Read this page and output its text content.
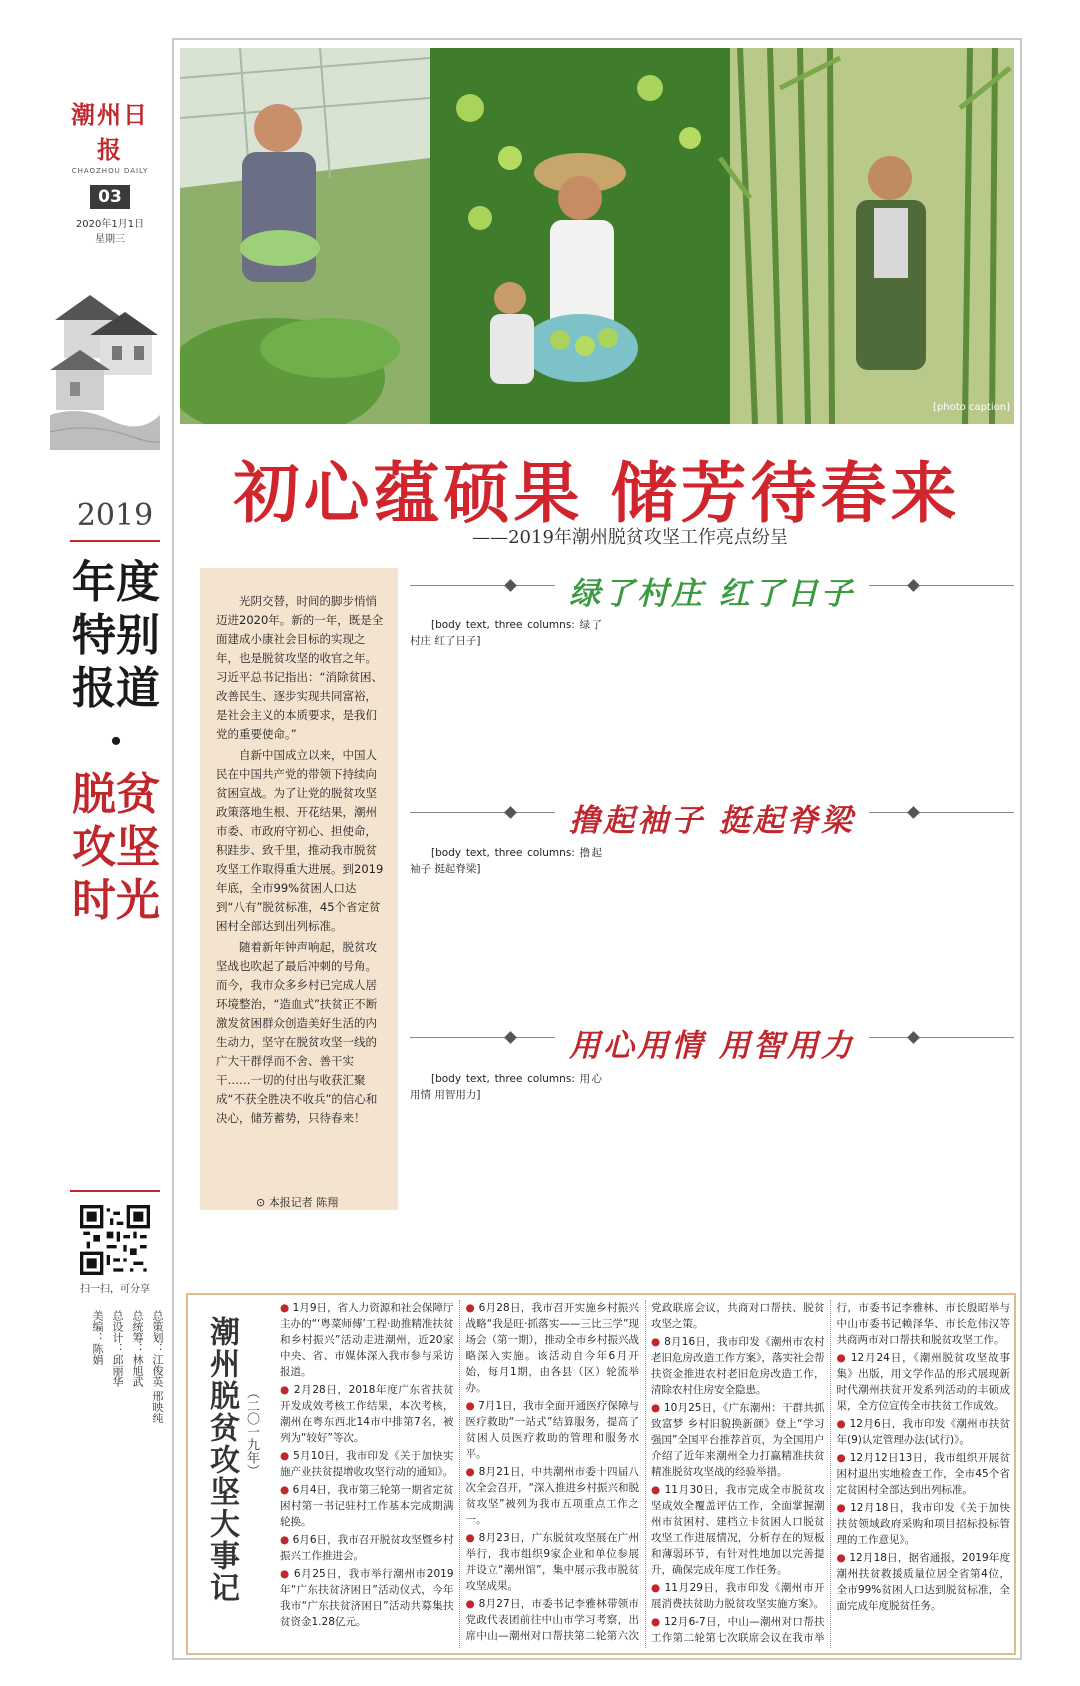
潮州日报
CHAOZHOU DAILY
03
2020年1月1日
星期三
2019
年度特别报道·
脱贫攻坚时光
扫一扫，可分享
总策划：江俊英 邢映纯
总统筹：林旭武
总设计：邱丽华
美编：陈娟
[photo caption]
初心蕴硕果 储芳待春来
——2019年潮州脱贫攻坚工作亮点纷呈

光阴交替，时间的脚步悄悄迈进2020年。新的一年，既是全面建成小康社会目标的实现之年，也是脱贫攻坚的收官之年。习近平总书记指出：“消除贫困、改善民生、逐步实现共同富裕，是社会主义的本质要求，是我们党的重要使命。”

自新中国成立以来，中国人民在中国共产党的带领下持续向贫困宣战。为了让党的脱贫攻坚政策落地生根、开花结果，潮州市委、市政府守初心、担使命，积跬步、致千里，推动我市脱贫攻坚工作取得重大进展。到2019年底，全市99%贫困人口达到“八有”脱贫标准，45个省定贫困村全部达到出列标准。

随着新年钟声响起，脱贫攻坚战也吹起了最后冲刺的号角。而今，我市众多乡村已完成人居环境整治，“造血式”扶贫正不断激发贫困群众创造美好生活的内生动力，坚守在脱贫攻坚一线的广大干群俘而不舍、善干实干……一切的付出与收获汇聚成“不获全胜决不收兵”的信心和决心，储芳蓄势，只待春来！

⊙ 本报记者 陈翔
绿了村庄 红了日子

[body text, three columns: 绿了村庄 红了日子]

撸起袖子 挺起脊梁

[body text, three columns: 撸起袖子 挺起脊梁]

用心用情 用智用力

[body text, three columns: 用心用情 用智用力]

潮州脱贫攻坚大事记 （二〇一九年）

● 1月9日，省人力资源和社会保障厅主办的“‘粤菜师傅’工程·助推精准扶贫和乡村振兴”活动走进潮州，近20家中央、省、市媒体深入我市参与采访报道。

● 2月28日，2018年度广东省扶贫开发成效考核工作结果，本次考核，潮州在粤东西北14市中排第7名，被列为“较好”等次。

● 5月10日，我市印发《关于加快实施产业扶贫提增收攻坚行动的通知》。

● 6月4日，我市第三轮第一期省定贫困村第一书记驻村工作基本完成期满轮换。

● 6月6日，我市召开脱贫攻坚暨乡村振兴工作推进会。

● 6月25日，我市举行潮州市2019年“广东扶贫济困日”活动仪式，今年我市“广东扶贫济困日”活动共募集扶贫资金1.28亿元。

● 6月28日，我市召开实施乡村振兴战略“我是旺·抓落实——三比三学”现场会（第一期），推动全市乡村振兴战略深入实施。该活动自今年6月开始，每月1期，由各县（区）轮流举办。

● 7月1日，我市全面开通医疗保障与医疗救助“一站式”结算服务，提高了贫困人员医疗救助的管理和服务水平。

● 8月21日，中共潮州市委十四届八次全会召开，“深入推进乡村振兴和脱贫攻坚”被列为我市五项重点工作之一。

● 8月23日，广东脱贫攻坚展在广州举行，我市组织9家企业和单位参展并设立“潮州馆”，集中展示我市脱贫攻坚成果。

● 8月27日，市委书记李雅林带领市党政代表团前往中山市学习考察，出席中山—潮州对口帮扶第二轮第六次党政联席会议，共商对口帮扶、脱贫攻坚之策。

● 8月16日，我市印发《潮州市农村老旧危房改造工作方案》，落实社会帮扶资金推进农村老旧危房改造工作，清除农村住房安全隐患。

● 10月25日，《广东潮州：干群共抓致富梦 乡村旧貌换新颜》登上“学习强国”全国平台推荐首页，为全国用户介绍了近年来潮州全力打赢精准扶贫精准脱贫攻坚战的经验举措。

● 11月30日，我市完成全市脱贫攻坚成效全覆盖评估工作，全面掌握潮州市贫困村、建档立卡贫困人口脱贫攻坚工作进展情况，分析存在的短板和薄弱环节，有针对性地加以完善提升，确保完成年度工作任务。

● 11月29日，我市印发《潮州市开展消费扶贫助力脱贫攻坚实施方案》。

● 12月6-7日，中山—潮州对口帮扶工作第二轮第七次联席会议在我市举行，市委书记李雅林、市长殷昭举与中山市委书记赖泽华、市长危伟汉等共商两市对口帮扶和脱贫攻坚工作。

● 12月24日，《潮州脱贫攻坚故事集》出版，用文学作品的形式展现新时代潮州扶贫开发系列活动的丰硕成果，全方位宣传全市扶贫工作成效。

● 12月6日，我市印发《潮州市扶贫年(9)认定管理办法(试行)》。

● 12月12日13日，我市组织开展贫困村退出实地检查工作，全市45个省定贫困村全部达到出列标准。

● 12月18日，我市印发《关于加快扶贫领域政府采购和项目招标投标管理的工作意见》。

● 12月18日，据省通报，2019年度潮州扶贫救援质量位居全省第4位，全市99%贫困人口达到脱贫标准，全面完成年度脱贫任务。
